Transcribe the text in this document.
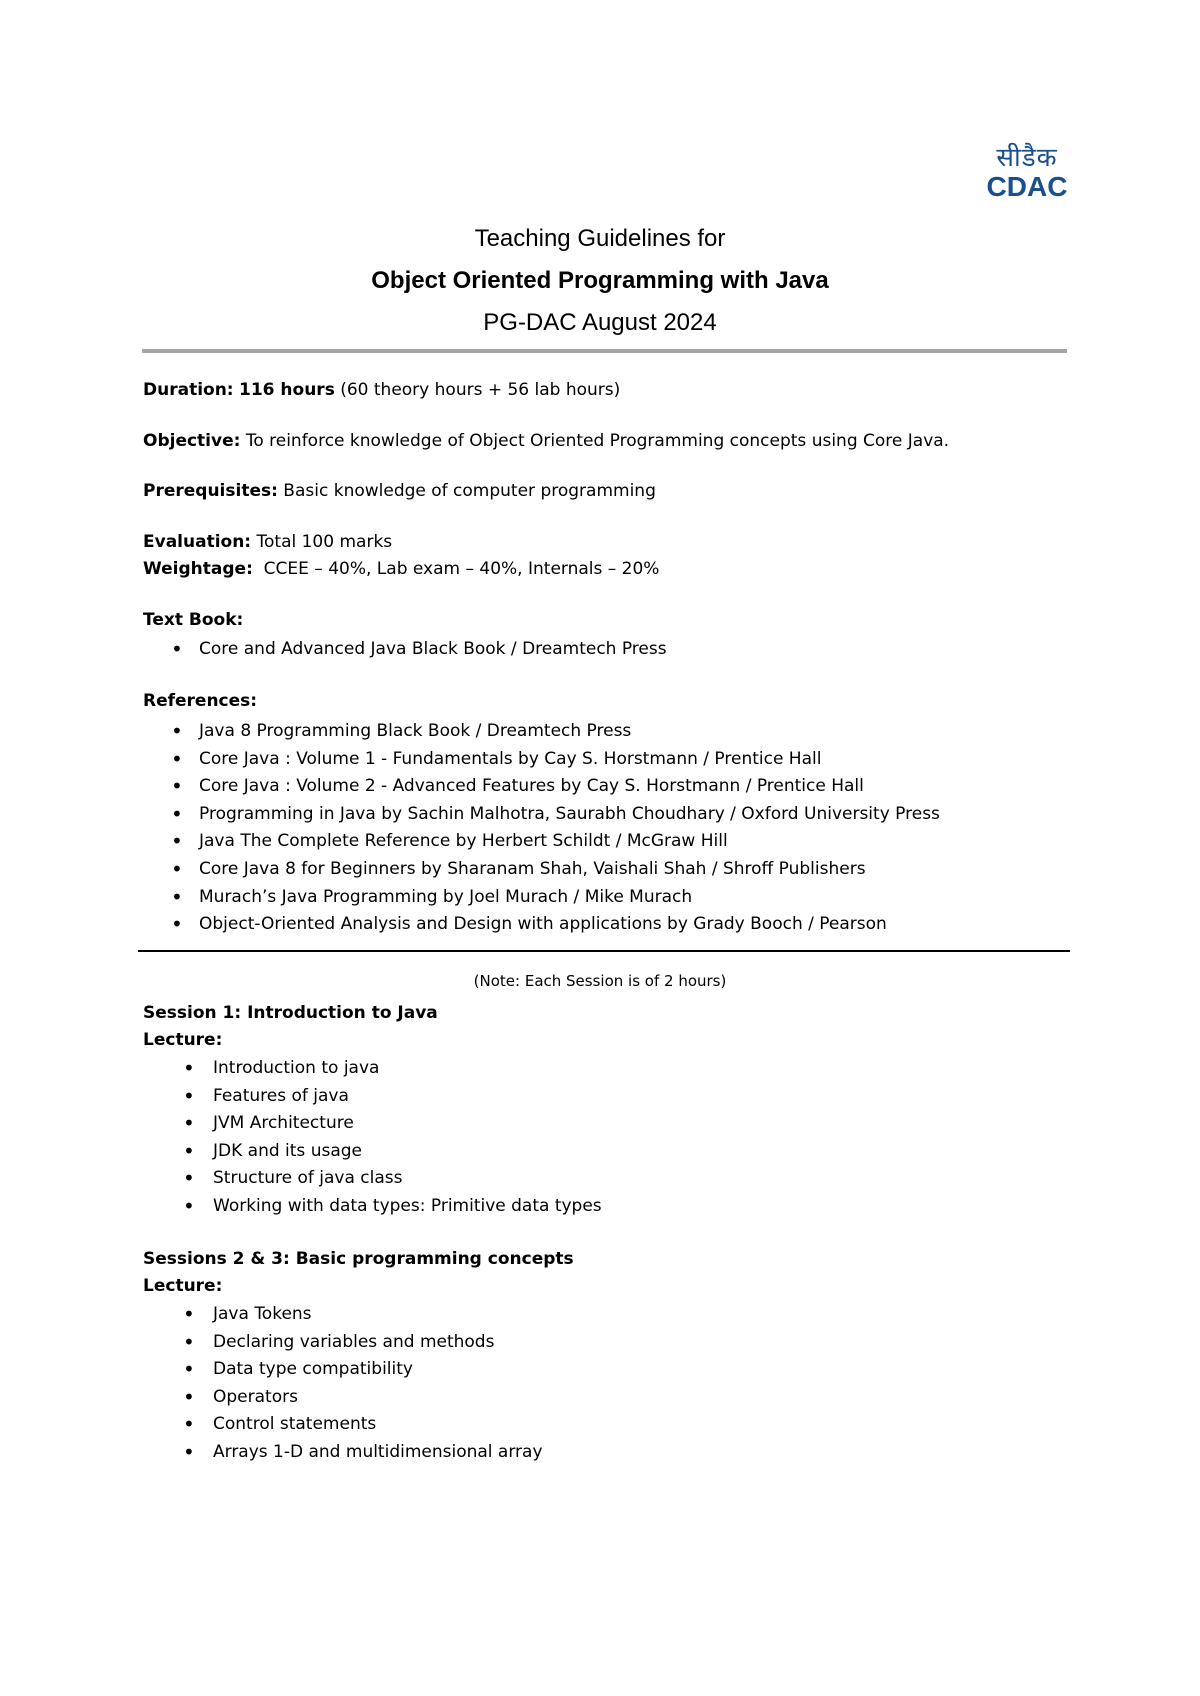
सीडैक
CDAC
Teaching Guidelines for
Object Oriented Programming with Java
PG-DAC August 2024
Duration: 116 hours (60 theory hours + 56 lab hours)
Objective: To reinforce knowledge of Object Oriented Programming concepts using Core Java.
Prerequisites: Basic knowledge of computer programming
Evaluation: Total 100 marks
Weightage:  CCEE – 40%, Lab exam – 40%, Internals – 20%
Text Book:
• Core and Advanced Java Black Book / Dreamtech Press
References:
• Java 8 Programming Black Book / Dreamtech Press
• Core Java : Volume 1 - Fundamentals by Cay S. Horstmann / Prentice Hall
• Core Java : Volume 2 - Advanced Features by Cay S. Horstmann / Prentice Hall
• Programming in Java by Sachin Malhotra, Saurabh Choudhary / Oxford University Press
• Java The Complete Reference by Herbert Schildt / McGraw Hill
• Core Java 8 for Beginners by Sharanam Shah, Vaishali Shah / Shroff Publishers
• Murach’s Java Programming by Joel Murach / Mike Murach
• Object-Oriented Analysis and Design with applications by Grady Booch / Pearson
(Note: Each Session is of 2 hours)
Session 1: Introduction to Java
Lecture:
• Introduction to java
• Features of java
• JVM Architecture
• JDK and its usage
• Structure of java class
• Working with data types: Primitive data types
Sessions 2 & 3: Basic programming concepts
Lecture:
• Java Tokens
• Declaring variables and methods
• Data type compatibility
• Operators
• Control statements
• Arrays 1-D and multidimensional array
